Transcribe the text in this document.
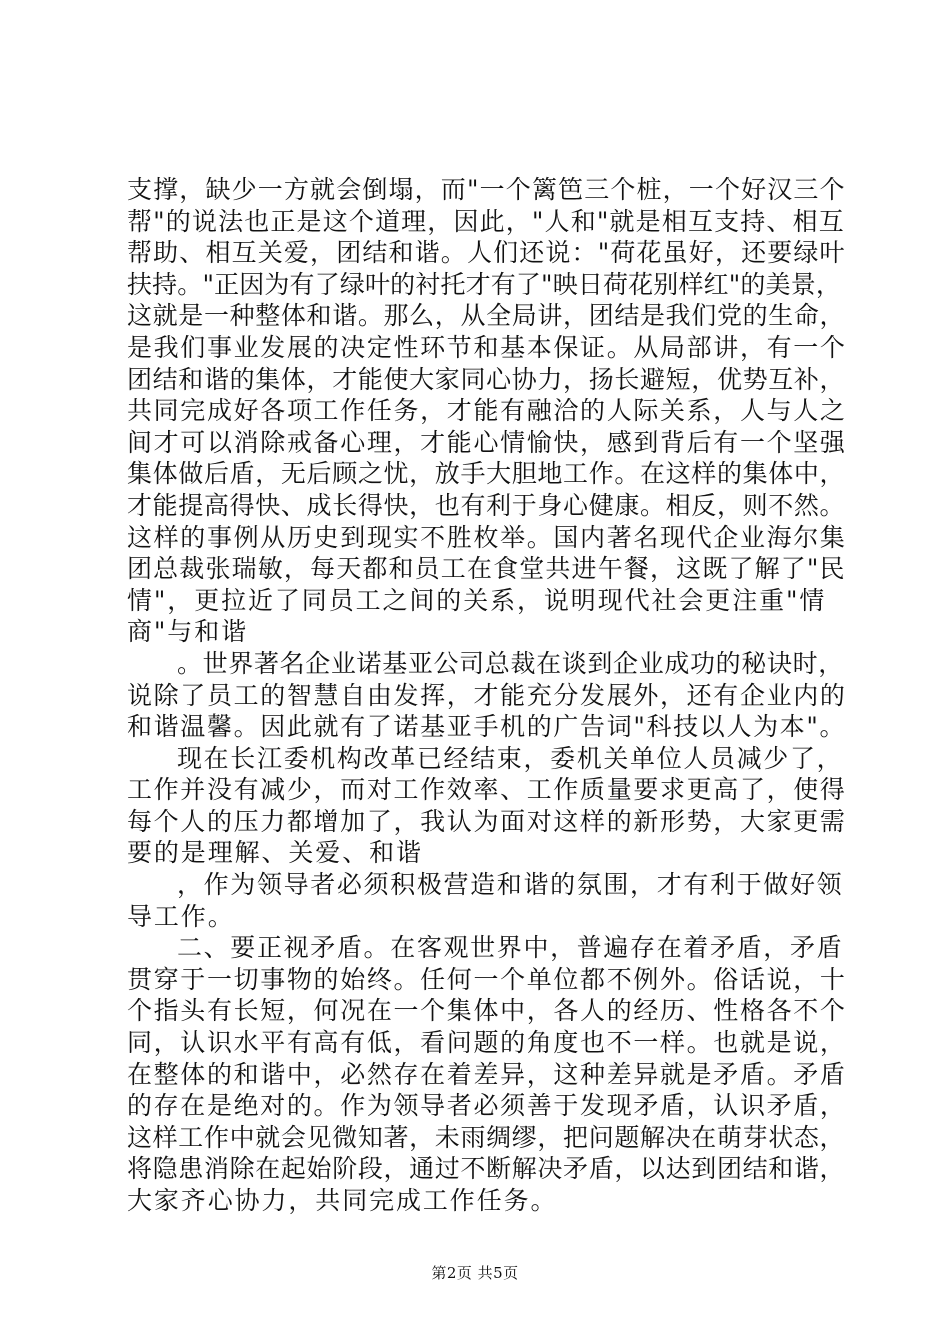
支撑，缺少一方就会倒塌，而"一个篱笆三个桩，一个好汉三个
帮"的说法也正是这个道理，因此，"人和"就是相互支持、相互
帮助、相互关爱，团结和谐。人们还说："荷花虽好，还要绿叶
扶持。"正因为有了绿叶的衬托才有了"映日荷花别样红"的美景，
这就是一种整体和谐。那么，从全局讲，团结是我们党的生命，
是我们事业发展的决定性环节和基本保证。从局部讲，有一个
团结和谐的集体，才能使大家同心协力，扬长避短，优势互补，
共同完成好各项工作任务，才能有融洽的人际关系，人与人之
间才可以消除戒备心理，才能心情愉快，感到背后有一个坚强
集体做后盾，无后顾之忧，放手大胆地工作。在这样的集体中，
才能提高得快、成长得快，也有利于身心健康。相反，则不然。
这样的事例从历史到现实不胜枚举。国内著名现代企业海尔集
团总裁张瑞敏，每天都和员工在食堂共进午餐，这既了解了"民
情"，更拉近了同员工之间的关系，说明现代社会更注重"情
商"与和谐
。世界著名企业诺基亚公司总裁在谈到企业成功的秘诀时，
说除了员工的智慧自由发挥，才能充分发展外，还有企业内的
和谐温馨。因此就有了诺基亚手机的广告词"科技以人为本"。
现在长江委机构改革已经结束，委机关单位人员减少了，
工作并没有减少，而对工作效率、工作质量要求更高了，使得
每个人的压力都增加了，我认为面对这样的新形势，大家更需
要的是理解、关爱、和谐
，作为领导者必须积极营造和谐的氛围，才有利于做好领
导工作。
二、要正视矛盾。在客观世界中，普遍存在着矛盾，矛盾
贯穿于一切事物的始终。任何一个单位都不例外。俗话说，十
个指头有长短，何况在一个集体中，各人的经历、性格各不个
同，认识水平有高有低，看问题的角度也不一样。也就是说，
在整体的和谐中，必然存在着差异，这种差异就是矛盾。矛盾
的存在是绝对的。作为领导者必须善于发现矛盾，认识矛盾，
这样工作中就会见微知著，未雨绸缪，把问题解决在萌芽状态，
将隐患消除在起始阶段，通过不断解决矛盾，以达到团结和谐，
大家齐心协力，共同完成工作任务。
第2页 共5页
